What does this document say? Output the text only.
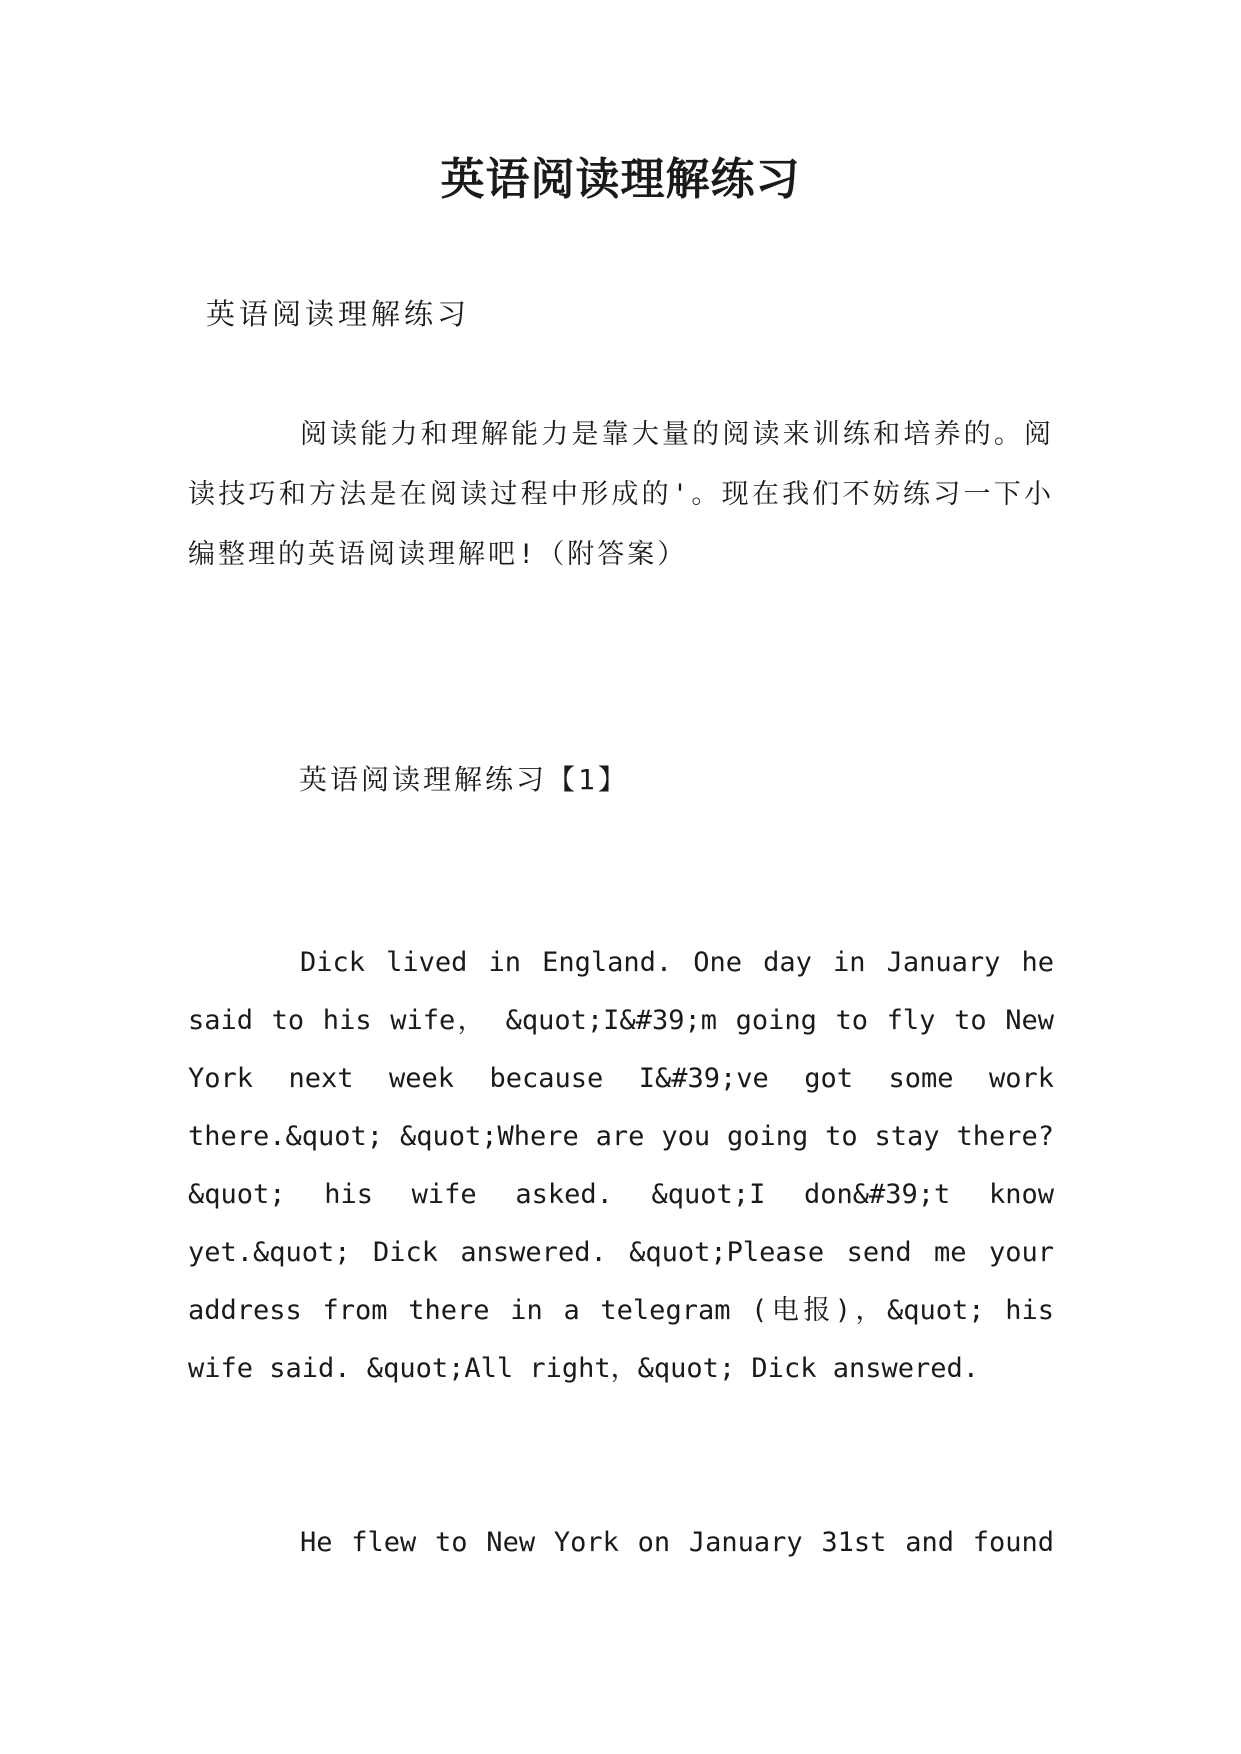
英语阅读理解练习

英语阅读理解练习

阅读能力和理解能力是靠大量的阅读来训练和培养的。阅读技巧和方法是在阅读过程中形成的'。现在我们不妨练习一下小编整理的英语阅读理解吧!（附答案）

英语阅读理解练习【1】

Dick lived in England. One day in January he said to his wife， &quot;I&#39;m going to fly to New York next week because I&#39;ve got some work there.&quot; &quot;Where are you going to stay there?&quot; his wife asked. &quot;I don&#39;t know yet.&quot; Dick answered. &quot;Please send me your address from there in a telegram (电报)，&quot; his wife said. &quot;All right，&quot; Dick answered.

He flew to New York on January 31st and found
